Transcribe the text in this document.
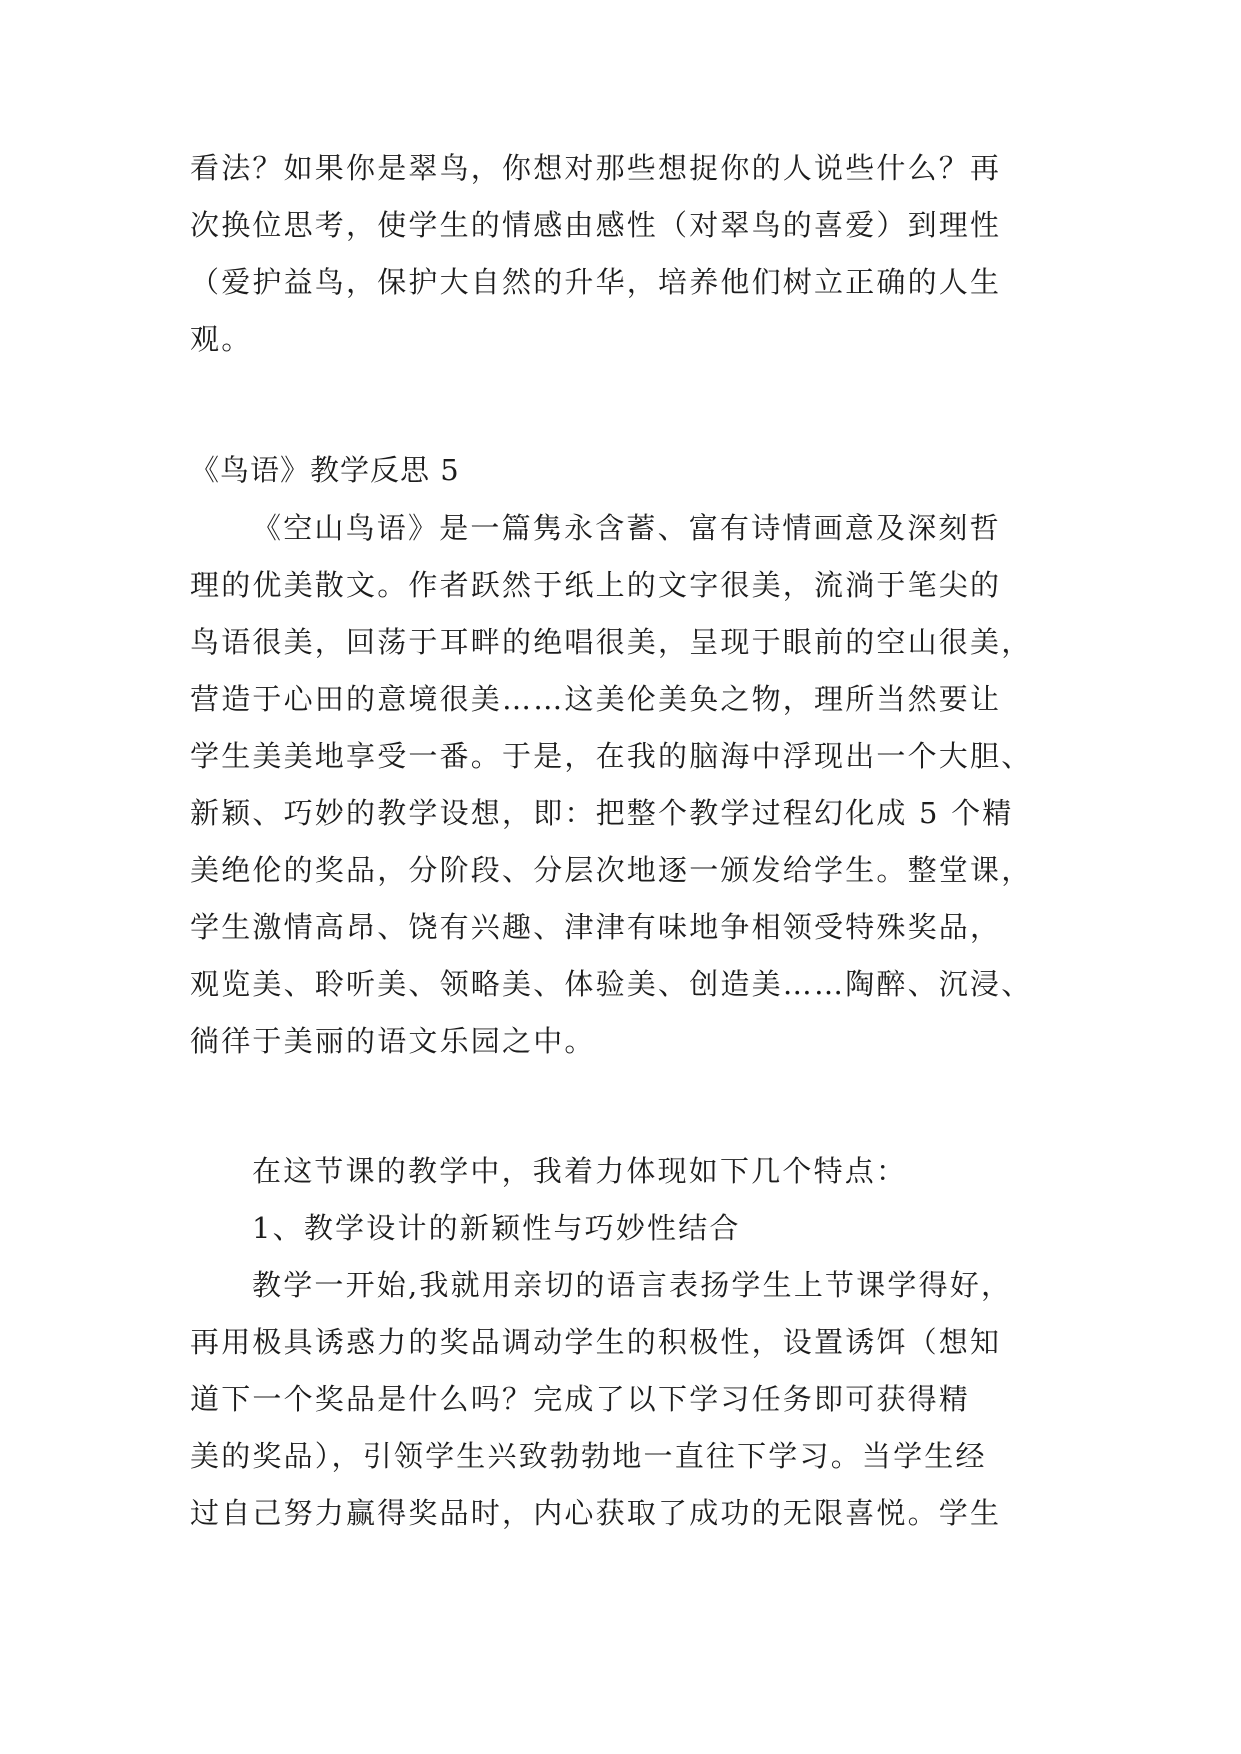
看法？如果你是翠鸟，你想对那些想捉你的人说些什么？再
次换位思考，使学生的情感由感性（对翠鸟的喜爱）到理性
（爱护益鸟，保护大自然的升华，培养他们树立正确的人生
观。
《鸟语》教学反思 5
《空山鸟语》是一篇隽永含蓄、富有诗情画意及深刻哲
理的优美散文。作者跃然于纸上的文字很美，流淌于笔尖的
鸟语很美，回荡于耳畔的绝唱很美，呈现于眼前的空山很美，
营造于心田的意境很美……这美伦美奂之物，理所当然要让
学生美美地享受一番。于是，在我的脑海中浮现出一个大胆、
新颖、巧妙的教学设想，即：把整个教学过程幻化成 5 个精
美绝伦的奖品，分阶段、分层次地逐一颁发给学生。整堂课，
学生激情高昂、饶有兴趣、津津有味地争相领受特殊奖品，
观览美、聆听美、领略美、体验美、创造美……陶醉、沉浸、
徜徉于美丽的语文乐园之中。
在这节课的教学中，我着力体现如下几个特点：
1、教学设计的新颖性与巧妙性结合
教学一开始,我就用亲切的语言表扬学生上节课学得好，
再用极具诱惑力的奖品调动学生的积极性，设置诱饵（想知
道下一个奖品是什么吗？完成了以下学习任务即可获得精
美的奖品），引领学生兴致勃勃地一直往下学习。当学生经
过自己努力赢得奖品时，内心获取了成功的无限喜悦。学生
